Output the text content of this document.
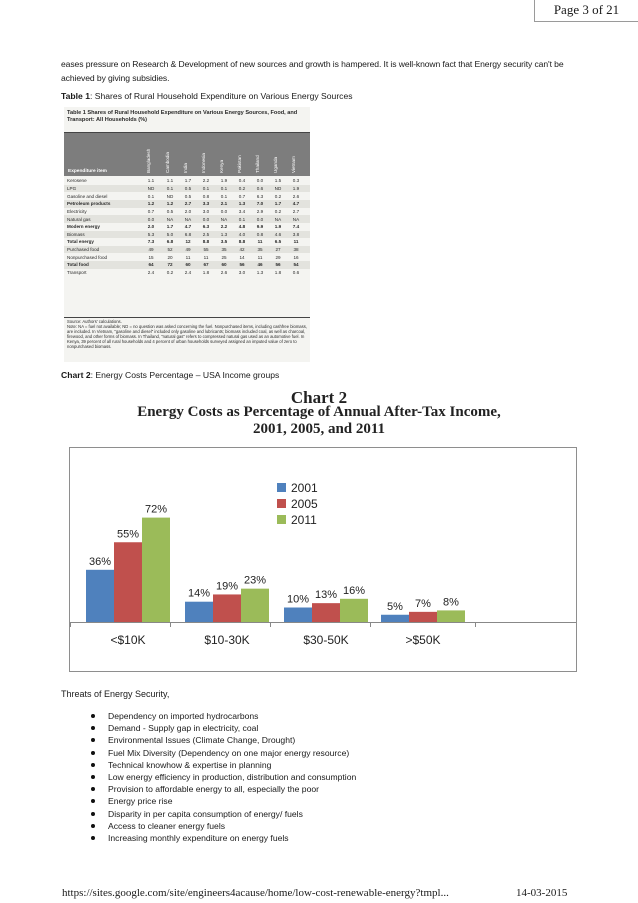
Page 3 of 21

eases pressure on Research & Development of new sources and growth is hampered. It is well-known fact that Energy security can't be achieved by giving subsidies.

Table 1: Shares of Rural Household Expenditure on Various Energy Sources
Table 1 Shares of Rural Household Expenditure on Various Energy Sources, Food, and Transport: All Households (%)
Expenditure item	Bangladesh	Cambodia	India	Indonesia	Kenya	Pakistan	Thailand	Uganda	Vietnam
Kerosene	1.1	1.1	1.7	2.2	1.9	0.4	0.0	1.5	0.3
LPG	ND	0.1	0.5	0.1	0.1	0.2	0.6	ND	1.9
Gasoline and diesel	0.1	ND	0.5	0.8	0.1	0.7	6.3	0.2	2.6
Petroleum products	1.2	1.2	2.7	3.3	2.1	1.3	7.0	1.7	4.7
Electricity	0.7	0.5	2.0	3.0	0.0	3.4	2.9	0.2	2.7
Natural gas	0.0	NA	NA	0.0	NA	0.1	0.0	NA	NA
Modern energy	2.0	1.7	4.7	6.3	2.2	4.8	9.9	1.9	7.4
Biomass	5.3	5.0	6.8	2.5	1.3	4.0	0.8	4.6	3.8
Total energy	7.3	6.8	12	8.8	3.5	8.8	11	6.5	11
Purchased food	49	52	49	55	35	42	35	27	38
Nonpurchased food	15	20	11	11	25	14	11	29	16
Total food	64	72	60	67	60	56	46	56	54
Transport	2.4	0.2	2.4	1.8	2.6	3.0	1.3	1.8	0.6
Source: Authors' calculations.
Note: NA = fuel not available; ND = no question was asked concerning the fuel. Nonpurchased items, including cashfree biomass, are included. In Vietnam, "gasoline and diesel" included only gasoline and lubricants; biomass included coal, as well as charcoal, firewood, and other forms of biomass. In Thailand, "natural gas" refers to compressed natural gas used as an automotive fuel. In Kenya, 39 percent of all rural households and 4 percent of urban households surveyed assigned an imputed value of zero to nonpurchased biomass.
Chart 2: Energy Costs Percentage – USA Income groups
Chart 2
Energy Costs as Percentage of Annual After-Tax Income,
2001, 2005, and 2011
36%
55%
72%
<$10K
14%
19% 23%
$10-30K
10% 13% 16%
$30-50K
5% 7% 8%
>$50K
2001
2005
2011
Threats of Energy Security,
Dependency on imported hydrocarbons
Demand - Supply gap in electricity, coal
Environmental Issues (Climate Change, Drought)
Fuel Mix Diversity (Dependency on one major energy resource)
Technical knowhow & expertise in planning
Low energy efficiency in production, distribution and consumption
Provision to affordable energy to all, especially the poor
Energy price rise
Disparity in per capita consumption of energy/ fuels
Access to cleaner energy fuels
Increasing monthly expenditure on energy fuels
https://sites.google.com/site/engineers4acause/home/low-cost-renewable-energy?tmpl...	14-03-2015
